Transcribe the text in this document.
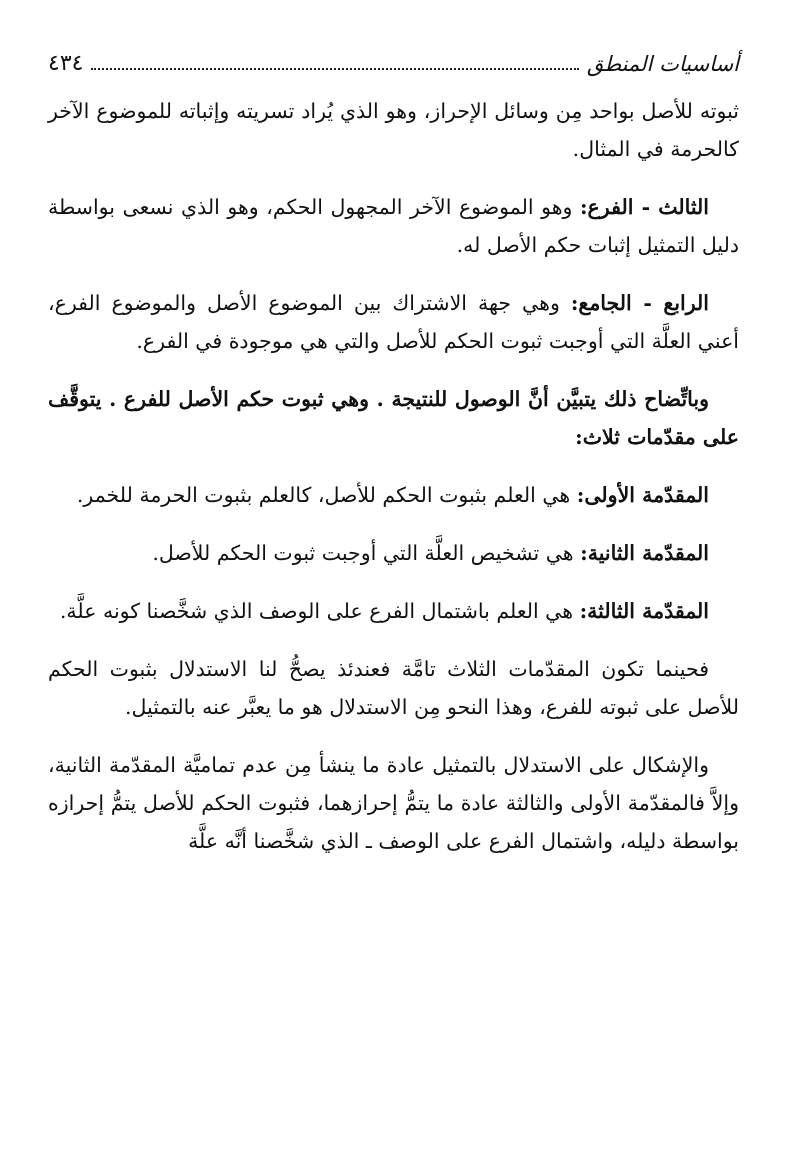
٤٣٤	أساسيات المنطق

ثبوته للأصل بواحد مِن وسائل الإحراز، وهو الذي يُراد تسريته وإثباته للموضوع الآخر كالحرمة في المثال.

الثالث - الفرع: وهو الموضوع الآخر المجهول الحكم، وهو الذي نسعى بواسطة دليل التمثيل إثبات حكم الأصل له.

الرابع - الجامع: وهي جهة الاشتراك بين الموضوع الأصل والموضوع الفرع، أعني العلَّة التي أوجبت ثبوت الحكم للأصل والتي هي موجودة في الفرع.

وباتِّضاح ذلك يتبيَّن أنَّ الوصول للنتيجة . وهي ثبوت حكم الأصل للفرع . يتوقَّف على مقدّمات ثلاث:

المقدّمة الأولى: هي العلم بثبوت الحكم للأصل، كالعلم بثبوت الحرمة للخمر.

المقدّمة الثانية: هي تشخيص العلَّة التي أوجبت ثبوت الحكم للأصل.

المقدّمة الثالثة: هي العلم باشتمال الفرع على الوصف الذي شخَّصنا كونه علَّة.

فحينما تكون المقدّمات الثلاث تامَّة فعندئذ يصحُّ لنا الاستدلال بثبوت الحكم للأصل على ثبوته للفرع، وهذا النحو مِن الاستدلال هو ما يعبَّر عنه بالتمثيل.

والإشكال على الاستدلال بالتمثيل عادة ما ينشأ مِن عدم تماميَّة المقدّمة الثانية، وإلاَّ فالمقدّمة الأولى والثالثة عادة ما يتمُّ إحرازهما، فثبوت الحكم للأصل يتمُّ إحرازه بواسطة دليله، واشتمال الفرع على الوصف ـ الذي شخَّصنا أنَّه علَّة
